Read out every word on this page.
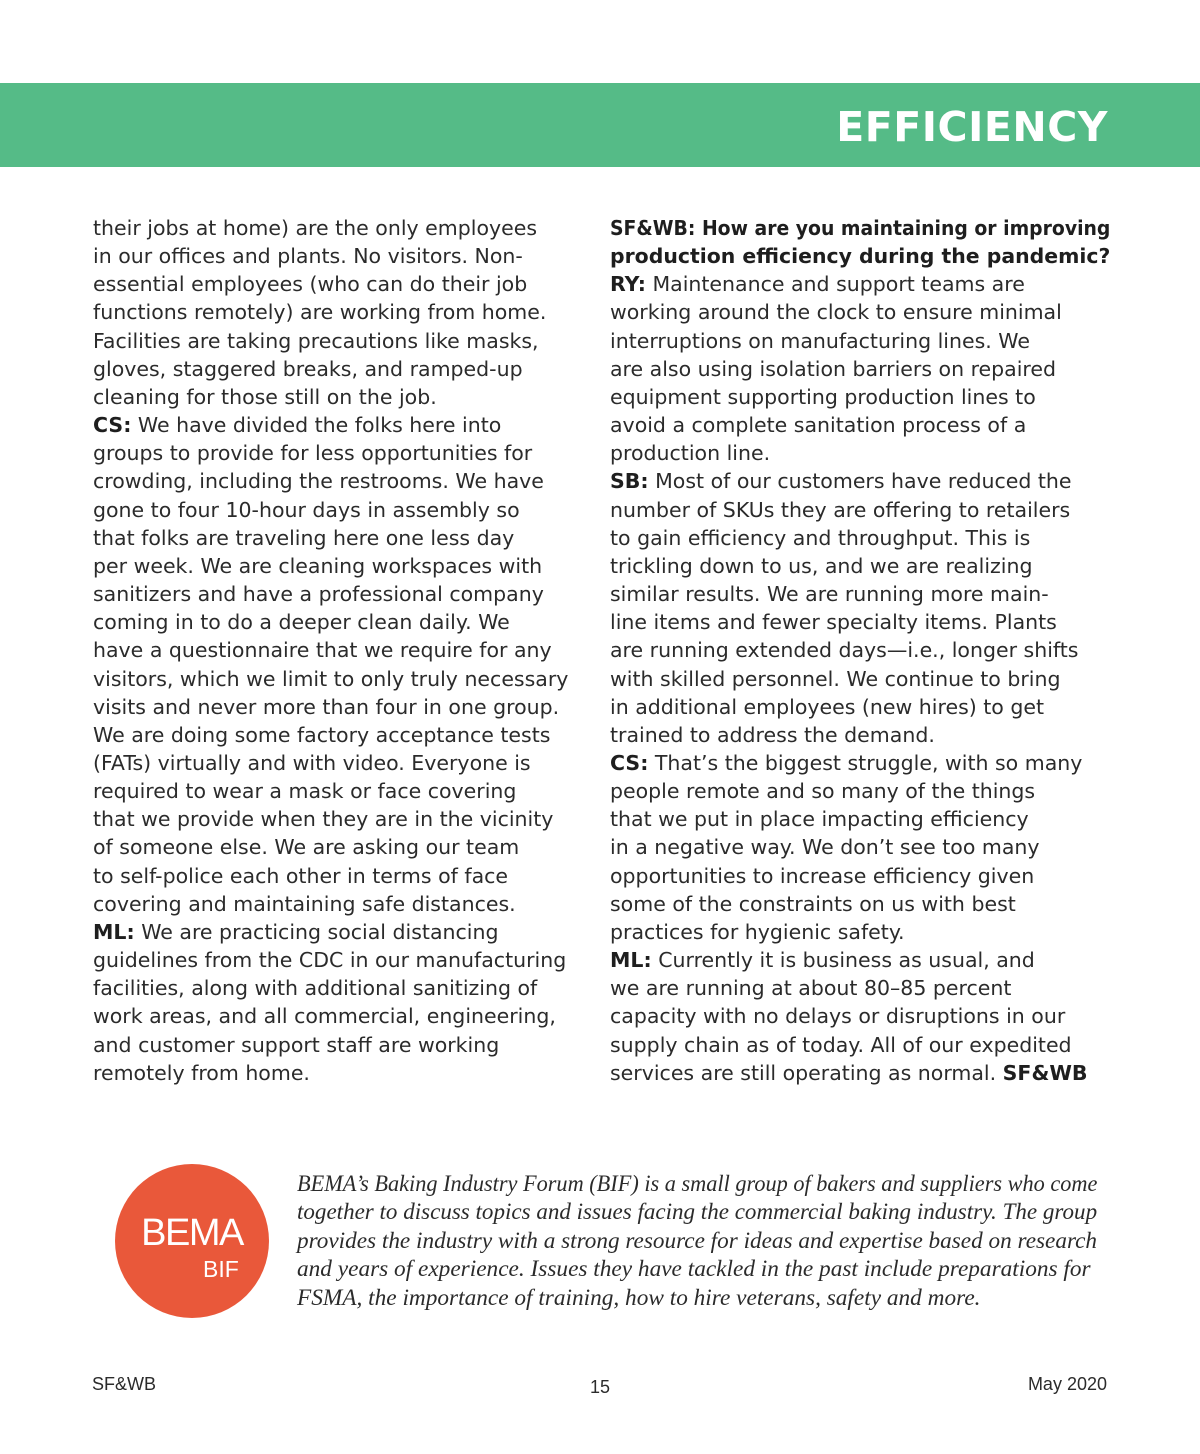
EFFICIENCY
their jobs at home) are the only employees
in our offices and plants. No visitors. Non-
essential employees (who can do their job
functions remotely) are working from home.
Facilities are taking precautions like masks,
gloves, staggered breaks, and ramped-up
cleaning for those still on the job.
CS: We have divided the folks here into
groups to provide for less opportunities for
crowding, including the restrooms. We have
gone to four 10-hour days in assembly so
that folks are traveling here one less day
per week. We are cleaning workspaces with
sanitizers and have a professional company
coming in to do a deeper clean daily. We
have a questionnaire that we require for any
visitors, which we limit to only truly necessary
visits and never more than four in one group.
We are doing some factory acceptance tests
(FATs) virtually and with video. Everyone is
required to wear a mask or face covering
that we provide when they are in the vicinity
of someone else. We are asking our team
to self-police each other in terms of face
covering and maintaining safe distances.
ML: We are practicing social distancing
guidelines from the CDC in our manufacturing
facilities, along with additional sanitizing of
work areas, and all commercial, engineering,
and customer support staff are working
remotely from home.
SF&WB: How are you maintaining or improving
production efficiency during the pandemic?
RY: Maintenance and support teams are
working around the clock to ensure minimal
interruptions on manufacturing lines. We
are also using isolation barriers on repaired
equipment supporting production lines to
avoid a complete sanitation process of a
production line.
SB: Most of our customers have reduced the
number of SKUs they are offering to retailers
to gain efficiency and throughput. This is
trickling down to us, and we are realizing
similar results. We are running more main-
line items and fewer specialty items. Plants
are running extended days—i.e., longer shifts
with skilled personnel. We continue to bring
in additional employees (new hires) to get
trained to address the demand.
CS: That’s the biggest struggle, with so many
people remote and so many of the things
that we put in place impacting efficiency
in a negative way. We don’t see too many
opportunities to increase efficiency given
some of the constraints on us with best
practices for hygienic safety.
ML: Currently it is business as usual, and
we are running at about 80–85 percent
capacity with no delays or disruptions in our
supply chain as of today. All of our expedited
services are still operating as normal. SF&WB
BEMA
BIF
BEMA’s Baking Industry Forum (BIF) is a small group of bakers and suppliers who come
together to discuss topics and issues facing the commercial baking industry. The group
provides the industry with a strong resource for ideas and expertise based on research
and years of experience. Issues they have tackled in the past include preparations for
FSMA, the importance of training, how to hire veterans, safety and more.
SF&WB	15	May 2020
